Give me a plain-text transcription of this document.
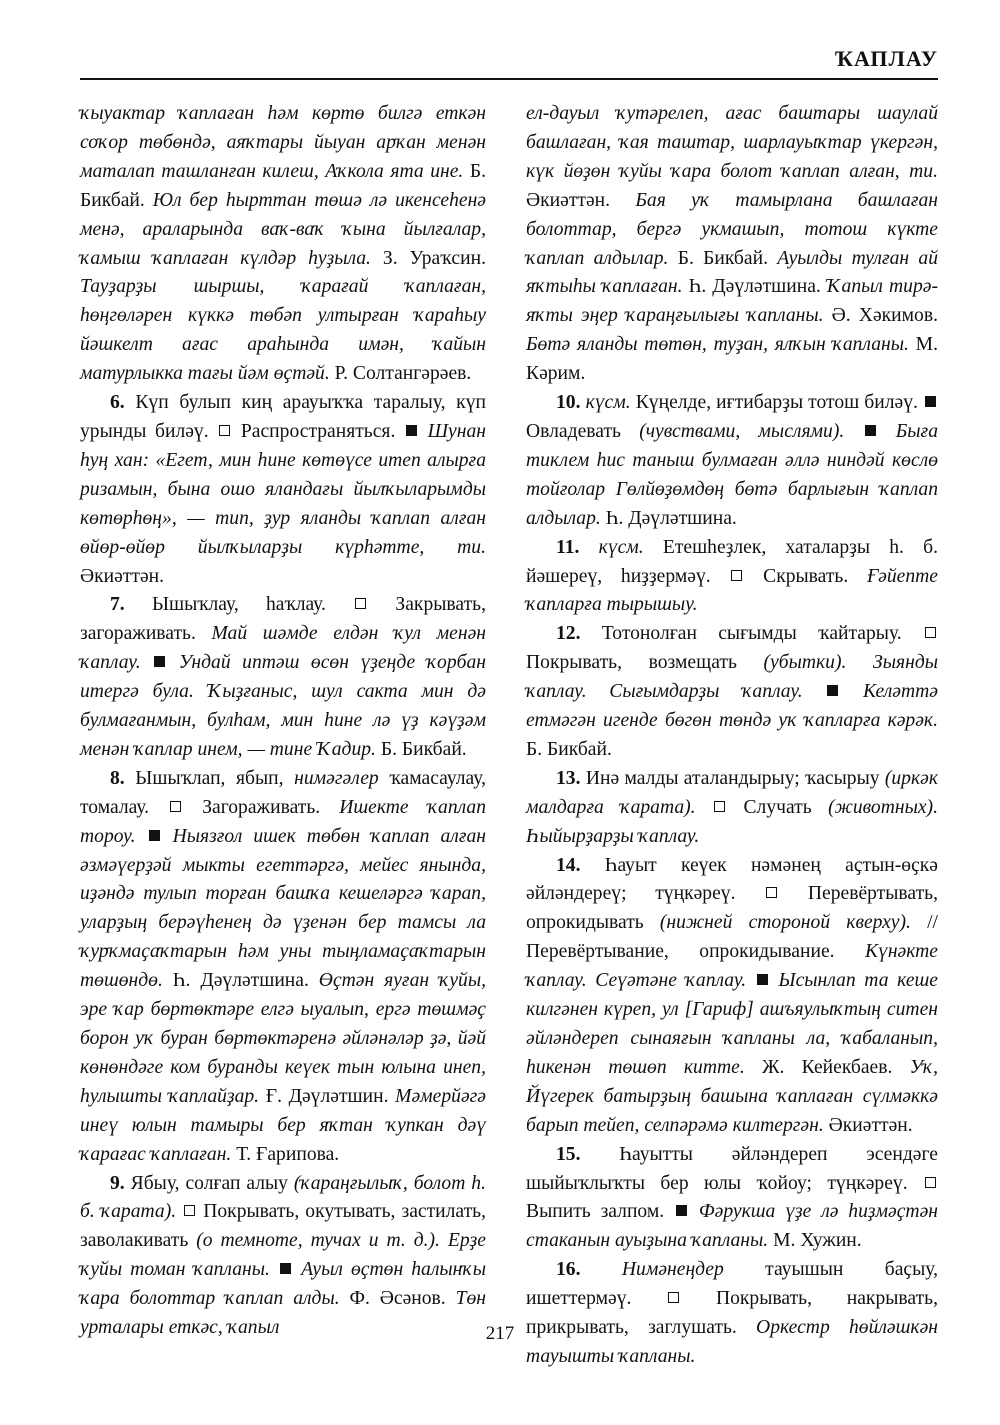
ҠАПЛАУ

ҡыуактар ҡаплаған һәм көртө билгә еткән соҡор төбөндә, аяҡтары йыуан арҡан менән маталап ташланған килеш, Аҡкола ята ине. Б. Бикбай. Юл бер һырттан төшә лә икенсеһенә менә, араларында ваҡ-ваҡ ҡына йылғалар, ҡамыш ҡаплаған күлдәр һуҙыла. З. Ураҡсин. Тауҙарҙы шыршы, ҡарағай ҡаплаған, һөңгөләрен күккә төбәп ултырған ҡараһыу йәшкелт ағас араһында имән, ҡайын матурлыкка тағы йәм өҫтәй. Р. Солтангәрәев.

6. Күп булып киң арауыҡҡа таралыу, күп урынды биләү.  Распространяться.  Шунан һуң хан: «Егет, мин һине көтөүсе итеп алырға ризамын, бына ошо яландағы йылҡыларымды көтөрһөң», — тип, ҙур яланды ҡаплап алған өйөр-өйөр йылҡыларҙы күрһәтте, ти. Әкиәттән.

7. Ышыҡлау, һаҡлау.  Закрывать, загораживать. Май шәмде елдән ҡул менән ҡаплау. Ундай иптәш өсөн үҙеңде ҡорбан итергә була. Ҡыҙғаныс, шул сакта мин дә булмағанмын, булһам, мин һине лә үҙ кәүҙәм менән ҡаплар инем, — тине Ҡадир. Б. Бикбай.

8. Ышыҡлап, ябып, нимәгәлер ҡамасаулау, томалау.  Загораживать. Ишекте ҡаплап тороу. Ныязғол ишек төбөн ҡаплап алған әзмәүерҙәй мыкты егеттәргә, мейес янында, иҙәндә тулып торған башҡа кешеләргә ҡарап, уларҙың берәүһенең дә үҙенән бер тамсы ла ҡурҡмаҫаҡтарын һәм уны тыңламаҫаҡтарын төшөндө. Һ. Дәүләтшина. Өҫтән яуған ҡуйы, эре ҡар бөртөктәре елгә ыуалып, ергә төшмәҫ борон уҡ буран бөртөктәренә әйләнәләр ҙә, йәй көнөндәге ком буранды кеүек тын юлына инеп, һулышты ҡаплайҙар. Ғ. Дәүләтшин. Мәмерйәгә инеү юлын тамыры бер яҡтан ҡупкан дәү ҡарағас ҡаплаған. Т. Ғарипова.

9. Ябыу, солғап алыу (ҡараңғылыҡ, болот һ. б. ҡарата).  Покрывать, окутывать, застилать, заволакивать (о темноте, тучах и т. д.). Ерҙе ҡуйы томан ҡапланы. Ауыл өҫтөн һалынҡы ҡара болоттар ҡаплап алды. Ф. Әсәнов. Төн урталары еткәс, ҡапыл

ел-дауыл ҡутәрелеп, ағас баштары шаулай башлаған, ҡая таштар, шарлауыҡтар үкергән, күк йөҙөн ҡуйы ҡара болот ҡаплап алған, ти. Әкиәттән. Бая уҡ тамырлана башлаған болоттар, бергә укмашып, тотош күкте ҡаплап алдылар. Б. Бикбай. Ауылды тулған ай яҡтыһы ҡаплаған. Һ. Дәүләтшина. Ҡапыл тирә-яҡты эңер ҡараңғылығы ҡапланы. Ә. Хәкимов. Бөтә яланды төтөн, туҙан, ялҡын ҡапланы. М. Кәрим.

10. күсм. Күңелде, иғтибарҙы тотош биләү.  Овладевать (чувствами, мыслями).	Быға тиклем һис таныш булмаған әллә ниндәй көслө тойғолар Гөлйөҙөмдөң бөтә барлығын ҡаплап алдылар. Һ. Дәүләтшина.

11. күсм. Етешһеҙлек, хаталарҙы һ. б. йәшереү, һиҙҙермәү.  Скрывать. Ғәйепте ҡапларға тырышыу.

12. Тотонолған сығымды ҡайтарыу.  Покрывать, возмещать (убытки). Зыянды ҡаплау. Сығымдарҙы ҡаплау.	Келәттә етмәгән игенде бөгөн төндә уҡ ҡапларға кәрәк. Б. Бикбай.

13. Инә малды аталандырыу; ҡасырыу (иркәк малдарға ҡарата).  Случать (животных). Һыйырҙарҙы ҡаплау.

14. Һауыт кеүек нәмәнең аҫтын-өҫкә әйләндереү; түңкәреү.  Перевёртывать, опрокидывать (нижней стороной кверху). // Перевёртывание, опрокидывание. Күнәкте ҡаплау. Сеүәтәне ҡаплау. Ысынлап та кеше килгәнен күреп, ул [Гариф] ашъяулыҡтың ситен әйләндереп сынаяғын ҡапланы ла, ҡабаланып, һикенән төшөп китте. Ж. Кейекбаев. Уҡ, Йүгерек батырҙың башына ҡаплаған сүлмәккә барып тейеп, селпәрәмә килтергән. Әкиәттән.

15. Һауытты әйләндереп эсендәге шыйыҡлыҡты бер юлы ҡойоу; түңкәреү.  Выпить залпом.  Фәрукша үҙе лә һиҙмәҫтән стаканын ауыҙына ҡапланы. М. Хужин.

16. Нимәнеңдер тауышын баҫыу, ишеттермәү.  Покрывать, накрывать, прикрывать, заглушать. Оркестр һөйләшкән тауышты ҡапланы.

217
